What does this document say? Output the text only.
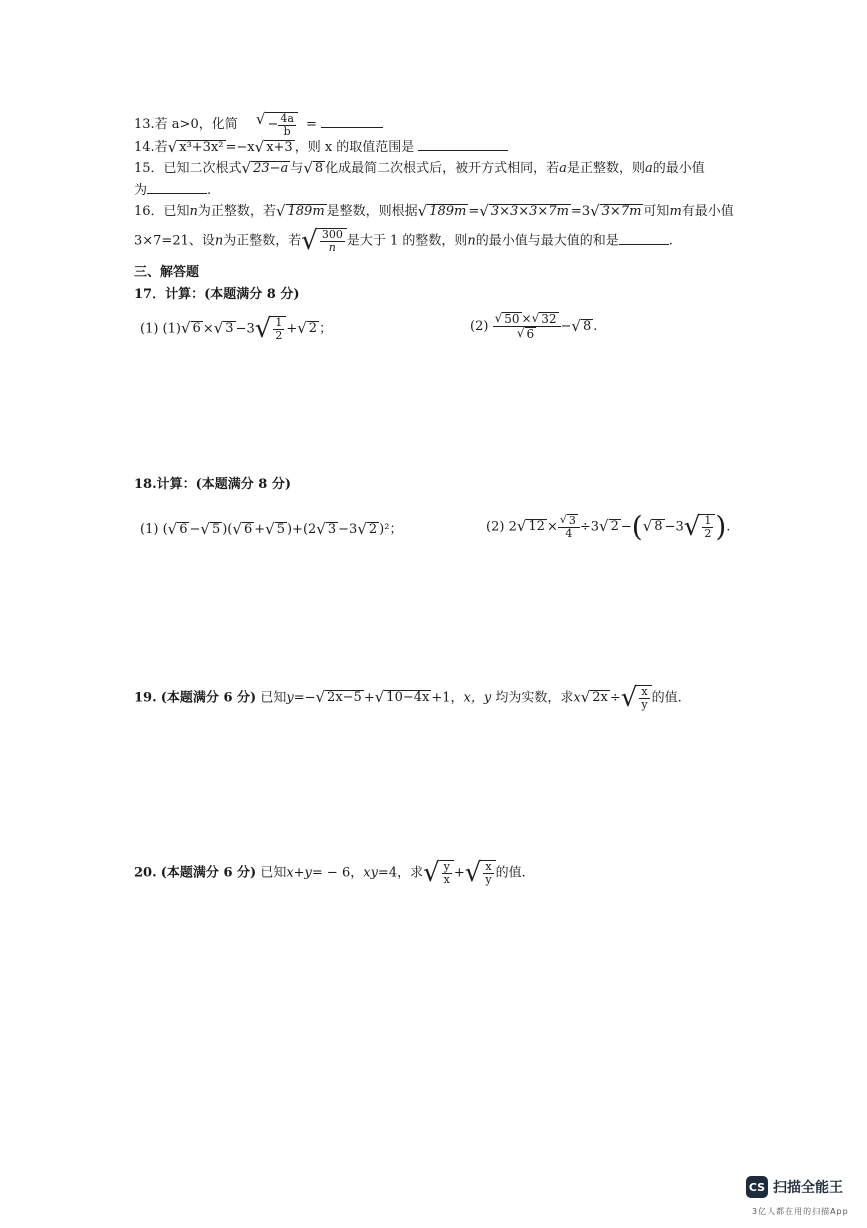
13.若 a>0，化简 √ − $\frac{4a}{b}$ =
14.若 √ x³+3x² =−x √ x+3 ，则 x 的取值范围是
15．已知二次根式 √ 23−a 与 √ 8 化成最简二次根式后，被开方式相同，若a是正整数，则a的最小值
为	.
16．已知n为正整数，若 √ 189m 是整数，则根据 √ 189m = √ 3×3×3×7m =3 √ 3×7m 可知m有最小值
3×7=21、设n为正整数，若 √ $\frac{300}{n}$ 是大于 1 的整数，则n的最小值与最大值的和是	.
三、解答题
17．计算：(本题满分 8 分)
(1) (1) √ 6 × √ 3 −3 √ $\frac{1}{2}$ + √ 2 ；	$(2) \frac{√ 50 \times √ 32}{√ 6}$ − √ 8 .
18.计算：(本题满分 8 分)
(1) ( √ 6 − √ 5 )( √ 6 + √ 5 )+(2 √ 3 −3 √ 2 )²；	(2) 2 √ $12 \times \frac{√ 3}{4} \div 3$ √ 2 −( √ 8 −3 √ $\frac{1}{2}$ ).
19. (本题满分 6 分) 已知y=− √ 2x−5 + √ 10−4x +1，x，y 均为实数，求x √ 2x ÷ √ $\frac{x}{y}$ 的值.
20. (本题满分 6 分) 已知x+y= − 6，xy=4，求 √ $\frac{y}{x}$ + √ $\frac{x}{y}$ 的值.
CS 扫描全能王
3亿人都在用的扫描App
